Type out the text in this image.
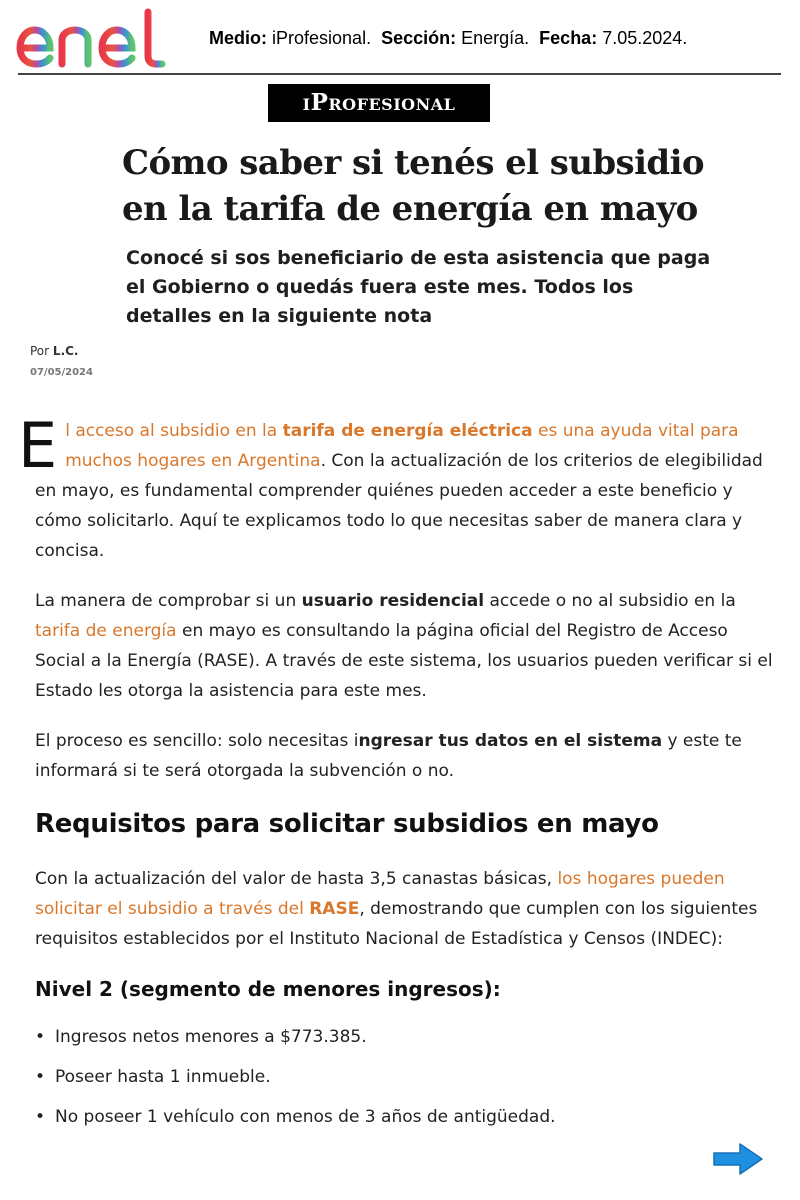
Medio: iProfesional. Sección: Energía. Fecha: 7.05.2024.
iProfesional
Cómo saber si tenés el subsidio en la tarifa de energía en mayo
Conocé si sos beneficiario de esta asistencia que paga el Gobierno o quedás fuera este mes. Todos los detalles en la siguiente nota
Por L.C.
07/05/2024

El acceso al subsidio en la tarifa de energía eléctrica es una ayuda vital para muchos hogares en Argentina. Con la actualización de los criterios de elegibilidad en mayo, es fundamental comprender quiénes pueden acceder a este beneficio y cómo solicitarlo. Aquí te explicamos todo lo que necesitas saber de manera clara y concisa.

La manera de comprobar si un usuario residencial accede o no al subsidio en la tarifa de energía en mayo es consultando la página oficial del Registro de Acceso Social a la Energía (RASE). A través de este sistema, los usuarios pueden verificar si el Estado les otorga la asistencia para este mes.

El proceso es sencillo: solo necesitas ingresar tus datos en el sistema y este te informará si te será otorgada la subvención o no.

Requisitos para solicitar subsidios en mayo

Con la actualización del valor de hasta 3,5 canastas básicas, los hogares pueden solicitar el subsidio a través del RASE, demostrando que cumplen con los siguientes requisitos establecidos por el Instituto Nacional de Estadística y Censos (INDEC):

Nivel 2 (segmento de menores ingresos):
• Ingresos netos menores a $773.385.
• Poseer hasta 1 inmueble.
• No poseer 1 vehículo con menos de 3 años de antigüedad.
